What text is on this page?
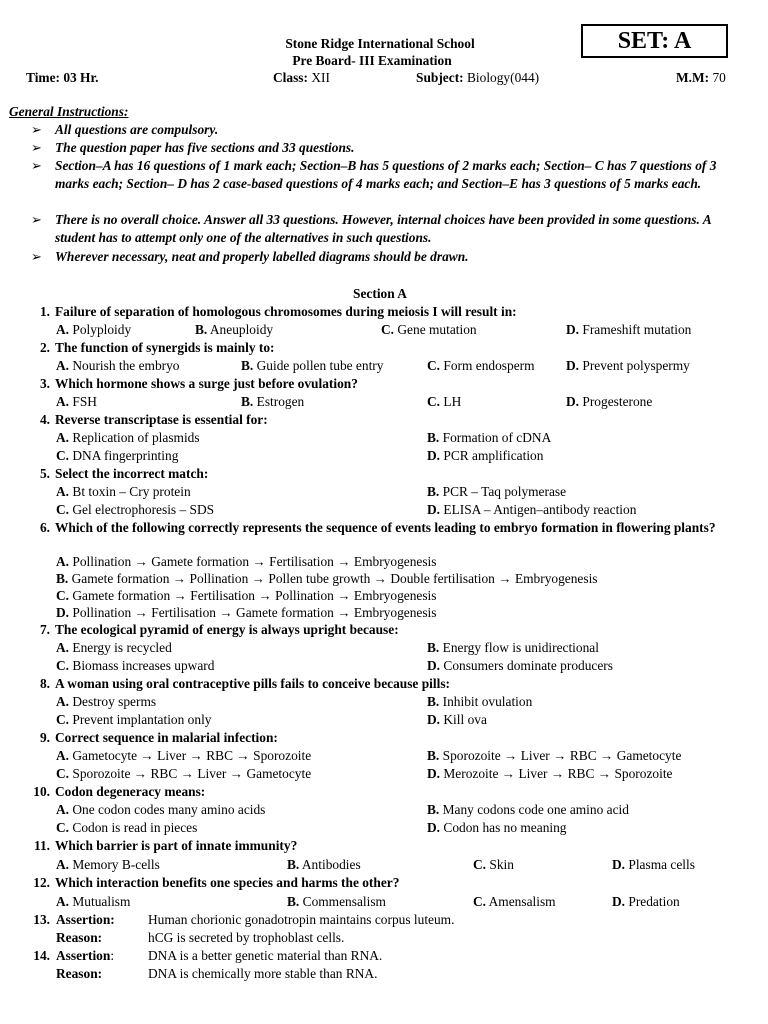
SET: A
Stone Ridge International School
Pre Board- III Examination
Time: 03 Hr.	Class: XII	Subject: Biology(044)	M.M: 70
General Instructions:
➢ All questions are compulsory.
➢ The question paper has five sections and 33 questions.
➢ Section–A has 16 questions of 1 mark each; Section–B has 5 questions of 2 marks each; Section– C has 7 questions of 3 marks each; Section– D has 2 case-based questions of 4 marks each; and Section–E has 3 questions of 5 marks each.
➢ There is no overall choice. Answer all 33 questions. However, internal choices have been provided in some questions. A student has to attempt only one of the alternatives in such questions.
➢ Wherever necessary, neat and properly labelled diagrams should be drawn.
Section A
1. Failure of separation of homologous chromosomes during meiosis I will result in:
A. Polyploidy	B. Aneuploidy	C. Gene mutation	D. Frameshift mutation
2. The function of synergids is mainly to:
A. Nourish the embryo	B. Guide pollen tube entry	C. Form endosperm D. Prevent polyspermy
3. Which hormone shows a surge just before ovulation?
A. FSH	B. Estrogen	C. LH	D. Progesterone
4. Reverse transcriptase is essential for:
A. Replication of plasmids	B. Formation of cDNA
C. DNA fingerprinting	D. PCR amplification
5. Select the incorrect match:
A. Bt toxin – Cry protein	B. PCR – Taq polymerase
C. Gel electrophoresis – SDS	D. ELISA – Antigen–antibody reaction
6. Which of the following correctly represents the sequence of events leading to embryo formation in flowering plants?
A. Pollination → Gamete formation → Fertilisation → Embryogenesis
B. Gamete formation → Pollination → Pollen tube growth → Double fertilisation → Embryogenesis
C. Gamete formation → Fertilisation → Pollination → Embryogenesis
D. Pollination → Fertilisation → Gamete formation → Embryogenesis
7. The ecological pyramid of energy is always upright because:
A. Energy is recycled	B. Energy flow is unidirectional
C. Biomass increases upward	D. Consumers dominate producers
8. A woman using oral contraceptive pills fails to conceive because pills:
A. Destroy sperms	B. Inhibit ovulation
C. Prevent implantation only	D. Kill ova
9. Correct sequence in malarial infection:
A. Gametocyte → Liver → RBC → Sporozoite	B. Sporozoite → Liver → RBC → Gametocyte
C. Sporozoite → RBC → Liver → Gametocyte	D. Merozoite → Liver → RBC → Sporozoite
10. Codon degeneracy means:
A. One codon codes many amino acids	B. Many codons code one amino acid
C. Codon is read in pieces	D. Codon has no meaning
11. Which barrier is part of innate immunity?
A. Memory B-cells	B. Antibodies	C. Skin	D. Plasma cells
12. Which interaction benefits one species and harms the other?
A. Mutualism	B. Commensalism	C. Amensalism	D. Predation
13. Assertion: Human chorionic gonadotropin maintains corpus luteum.
Reason:	hCG is secreted by trophoblast cells.
14. Assertion:	DNA is a better genetic material than RNA.
Reason:	DNA is chemically more stable than RNA.
